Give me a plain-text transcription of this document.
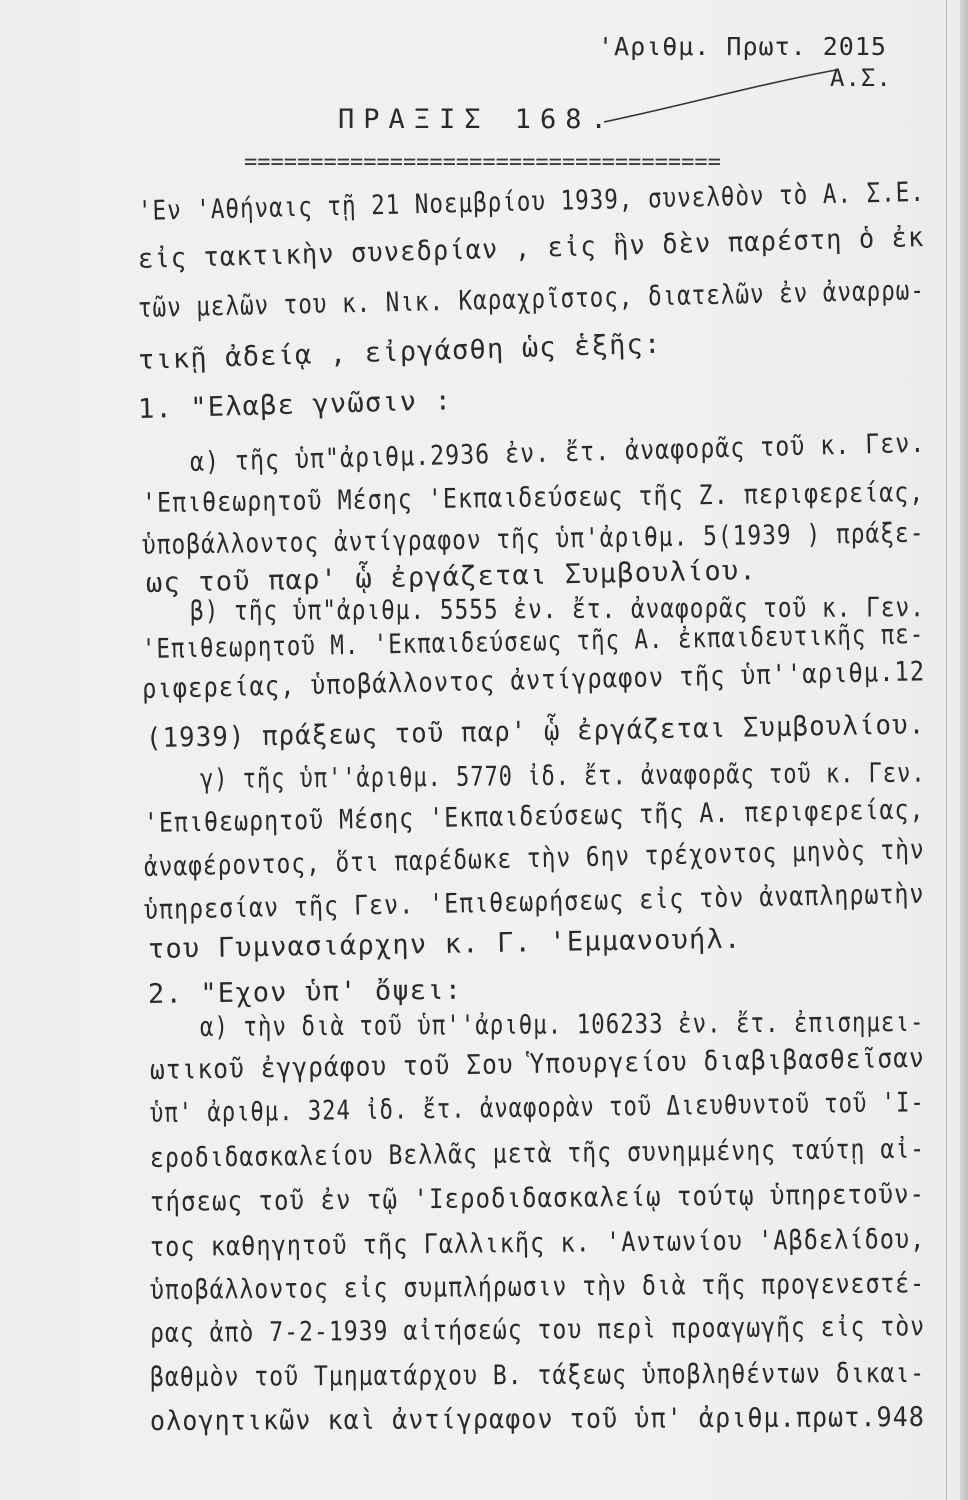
'Αριθμ. Πρωτ. 2015
Α.Σ.
ΠΡΑΞΙΣ 168.
====================================
'Εν 'Αθήναις τῇ 21 Νοεμβρίου 1939, συνελθὸν τὸ Α. Σ.Ε.
εἰς τακτικὴν συνεδρίαν , εἰς ἣν δὲν παρέστη ὁ ἐκ
τῶν μελῶν του κ. Νικ. Καραχρῖστος, διατελῶν ἐν ἀναρρω-
τικῇ ἀδείᾳ , εἰργάσθη ὡς ἑξῆς:
1. "Ελαβε γνῶσιν :
α) τῆς ὑπ"ἀριθμ.2936 ἐν. ἔτ. ἀναφορᾶς τοῦ κ. Γεν.
'Επιθεωρητοῦ Μέσης 'Εκπαιδεύσεως τῆς Ζ. περιφερείας,
ὑποβάλλοντος ἀντίγραφον τῆς ὑπ'ἀριθμ. 5(1939 ) πράξε-
ως τοῦ παρ' ᾧ ἐργάζεται Συμβουλίου.
β) τῆς ὑπ"ἀριθμ. 5555 ἐν. ἔτ. ἀναφορᾶς τοῦ κ. Γεν.
'Επιθεωρητοῦ Μ. 'Εκπαιδεύσεως τῆς Α. ἐκπαιδευτικῆς πε-
ριφερείας, ὑποβάλλοντος ἀντίγραφον τῆς ὑπ''αριθμ.12
(1939) πράξεως τοῦ παρ' ᾧ ἐργάζεται Συμβουλίου.
γ) τῆς ὑπ''ἀριθμ. 5770 ἰδ. ἔτ. ἀναφορᾶς τοῦ κ. Γεν.
'Επιθεωρητοῦ Μέσης 'Εκπαιδεύσεως τῆς Α. περιφερείας,
ἀναφέροντος, ὅτι παρέδωκε τὴν 6ην τρέχοντος μηνὸς τὴν
ὑπηρεσίαν τῆς Γεν. 'Επιθεωρήσεως εἰς τὸν ἀναπληρωτὴν
του Γυμνασιάρχην κ. Γ. 'Εμμανουήλ.
2. "Εχον ὑπ' ὄψει:
α) τὴν διὰ τοῦ ὑπ''ἀριθμ. 106233 ἐν. ἔτ. ἐπισημει-
ωτικοῦ ἐγγράφου τοῦ Σου Ὑπουργείου διαβιβασθεῖσαν
ὑπ' ἀριθμ. 324 ἰδ. ἔτ. ἀναφορὰν τοῦ Διευθυντοῦ τοῦ 'Ι-
εροδιδασκαλείου Βελλᾶς μετὰ τῆς συνημμένης ταύτῃ αἰ-
τήσεως τοῦ ἐν τῷ 'Ιεροδιδασκαλείῳ τούτῳ ὑπηρετοῦν-
τος καθηγητοῦ τῆς Γαλλικῆς κ. 'Αντωνίου 'Αβδελίδου,
ὑποβάλλοντος εἰς συμπλήρωσιν τὴν διὰ τῆς προγενεστέ-
ρας ἀπὸ 7-2-1939 αἰτήσεώς του περὶ προαγωγῆς εἰς τὸν
βαθμὸν τοῦ Τμηματάρχου Β. τάξεως ὑποβληθέντων δικαι-
ολογητικῶν καὶ ἀντίγραφον τοῦ ὑπ' ἀριθμ.πρωτ.948
